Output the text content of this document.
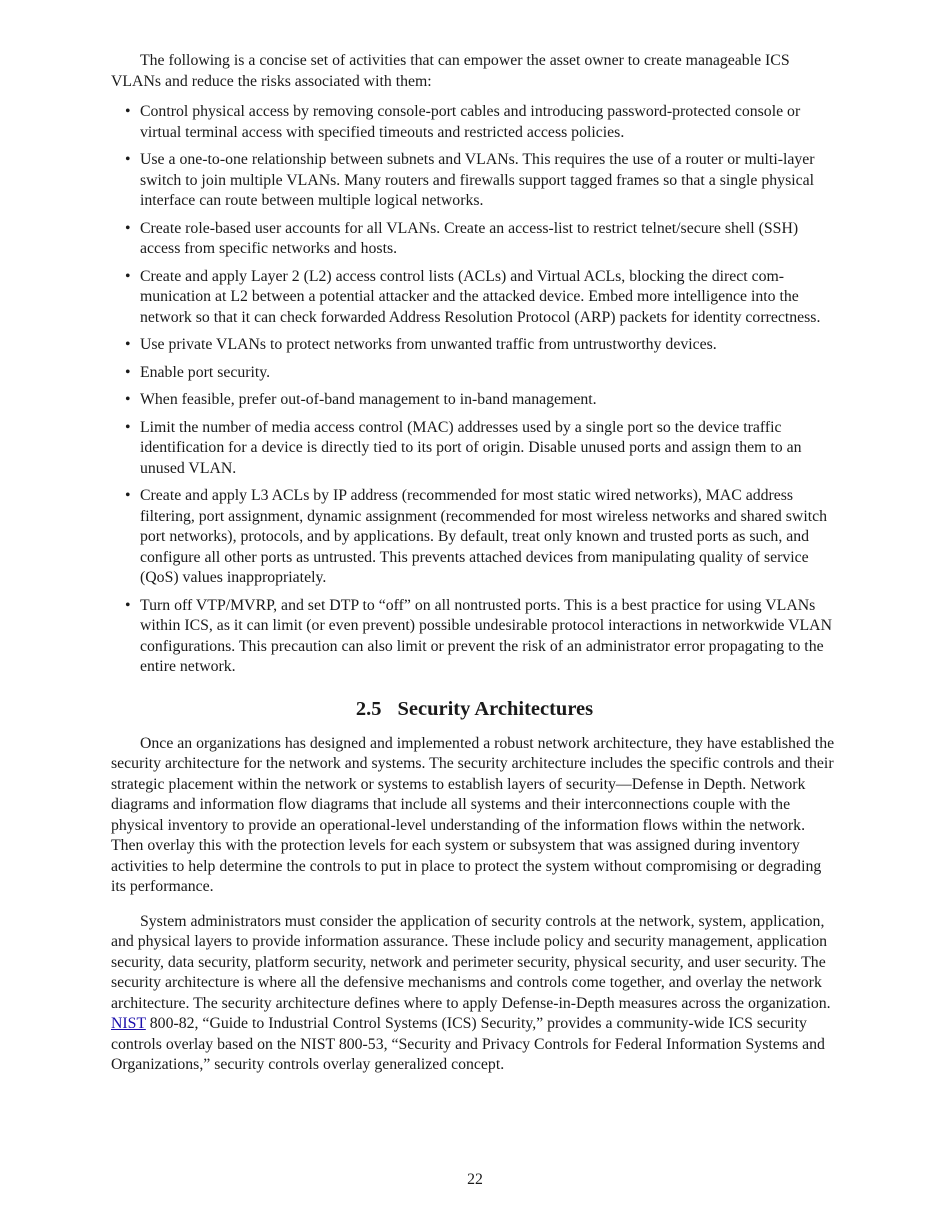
The following is a concise set of activities that can empower the asset owner to create manageable ICS VLANs and reduce the risks associated with them:

• Control physical access by removing console-port cables and introducing password-protected console or virtual terminal access with specified timeouts and restricted access policies.
• Use a one-to-one relationship between subnets and VLANs. This requires the use of a router or multi-layer switch to join multiple VLANs. Many routers and firewalls support tagged frames so that a single physical interface can route between multiple logical networks.
• Create role-based user accounts for all VLANs. Create an access-list to restrict telnet/secure shell (SSH) access from specific networks and hosts.
• Create and apply Layer 2 (L2) access control lists (ACLs) and Virtual ACLs, blocking the direct communication at L2 between a potential attacker and the attacked device. Embed more intelligence into the network so that it can check forwarded Address Resolution Protocol (ARP) packets for identity correctness.
• Use private VLANs to protect networks from unwanted traffic from untrustworthy devices.
• Enable port security.
• When feasible, prefer out-of-band management to in-band management.
• Limit the number of media access control (MAC) addresses used by a single port so the device traffic identification for a device is directly tied to its port of origin. Disable unused ports and assign them to an unused VLAN.
• Create and apply L3 ACLs by IP address (recommended for most static wired networks), MAC address filtering, port assignment, dynamic assignment (recommended for most wireless networks and shared switch port networks), protocols, and by applications. By default, treat only known and trusted ports as such, and configure all other ports as untrusted. This prevents attached devices from manipulating quality of service (QoS) values inappropriately.
• Turn off VTP/MVRP, and set DTP to “off” on all nontrusted ports. This is a best practice for using VLANs within ICS, as it can limit (or even prevent) possible undesirable protocol interactions in networkwide VLAN configurations. This precaution can also limit or prevent the risk of an administrator error propagating to the entire network.
2.5 Security Architectures

Once an organizations has designed and implemented a robust network architecture, they have established the security architecture for the network and systems. The security architecture includes the specific controls and their strategic placement within the network or systems to establish layers of security—Defense in Depth. Network diagrams and information flow diagrams that include all systems and their interconnections couple with the physical inventory to provide an operational-level understanding of the information flows within the network. Then overlay this with the protection levels for each system or subsystem that was assigned during inventory activities to help determine the controls to put in place to protect the system without compromising or degrading its performance.

System administrators must consider the application of security controls at the network, system, application, and physical layers to provide information assurance. These include policy and security management, application security, data security, platform security, network and perimeter security, physical security, and user security. The security architecture is where all the defensive mechanisms and controls come together, and overlay the network architecture. The security architecture defines where to apply Defense-in-Depth measures across the organization. NIST 800-82, “Guide to Industrial Control Systems (ICS) Security,” provides a community-wide ICS security controls overlay based on the NIST 800-53, “Security and Privacy Controls for Federal Information Systems and Organizations,” security controls overlay generalized concept.

22
